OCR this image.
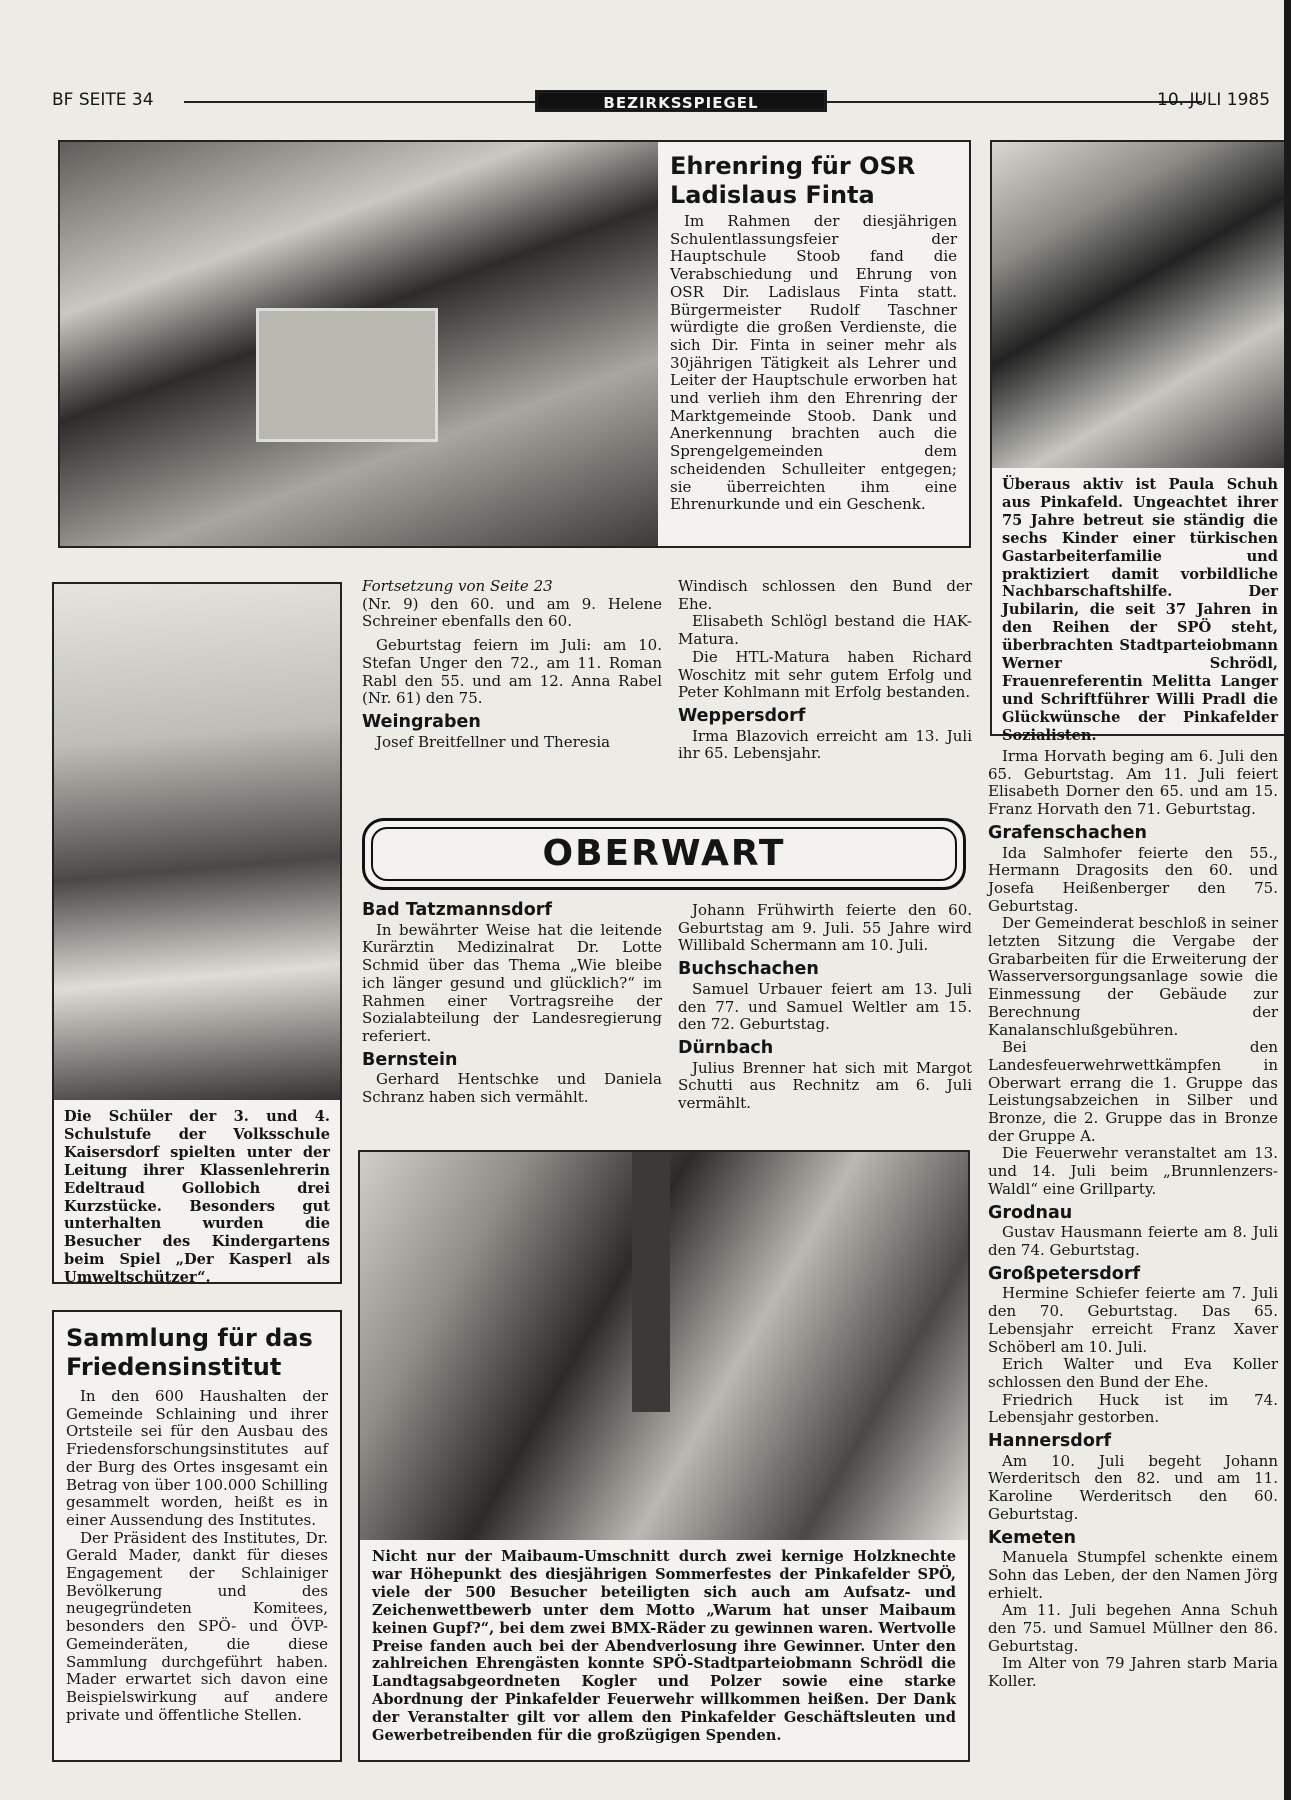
BF SEITE 34	BEZIRKSSPIEGEL	10. JULI 1985
Ehrenring für OSR Ladislaus Finta

Im Rahmen der diesjährigen Schulentlassungsfeier der Hauptschule Stoob fand die Verabschiedung und Ehrung von OSR Dir. Ladislaus Finta statt. Bürgermeister Rudolf Taschner würdigte die großen Verdienste, die sich Dir. Finta in seiner mehr als 30jährigen Tätigkeit als Lehrer und Leiter der Hauptschule erworben hat und verlieh ihm den Ehrenring der Marktgemeinde Stoob. Dank und Anerkennung brachten auch die Sprengelgemeinden dem scheidenden Schulleiter entgegen; sie überreichten ihm eine Ehrenurkunde und ein Geschenk.

Überaus aktiv ist Paula Schuh aus Pinkafeld. Ungeachtet ihrer 75 Jahre betreut sie ständig die sechs Kinder einer türkischen Gastarbeiterfamilie und praktiziert damit vorbildliche Nachbarschaftshilfe. Der Jubilarin, die seit 37 Jahren in den Reihen der SPÖ steht, überbrachten Stadtparteiobmann Werner Schrödl, Frauenreferentin Melitta Langer und Schriftführer Willi Pradl die Glückwünsche der Pinkafelder Sozialisten.
Die Schüler der 3. und 4. Schulstufe der Volksschule Kaisersdorf spielten unter der Leitung ihrer Klassenlehrerin Edeltraud Gollobich drei Kurzstücke. Besonders gut unterhalten wurden die Besucher des Kindergartens beim Spiel „Der Kasperl als Umweltschützer“.
Sammlung für das Friedensinstitut

In den 600 Haushalten der Gemeinde Schlaining und ihrer Ortsteile sei für den Ausbau des Friedensforschungsinstitutes auf der Burg des Ortes insgesamt ein Betrag von über 100.000 Schilling gesammelt worden, heißt es in einer Aussendung des Institutes.

Der Präsident des Institutes, Dr. Gerald Mader, dankt für dieses Engagement der Schlainiger Bevölkerung und des neugegründeten Komitees, besonders den SPÖ- und ÖVP-Gemeinderäten, die diese Sammlung durchgeführt haben. Mader erwartet sich davon eine Beispielswirkung auf andere private und öffentliche Stellen.

Fortsetzung von Seite 23

(Nr. 9) den 60. und am 9. Helene Schreiner ebenfalls den 60.

Geburtstag feiern im Juli: am 10. Stefan Unger den 72., am 11. Roman Rabl den 55. und am 12. Anna Rabel (Nr. 61) den 75.

Weingraben

Josef Breitfellner und Theresia

Windisch schlossen den Bund der Ehe.

Elisabeth Schlögl bestand die HAK-Matura.

Die HTL-Matura haben Richard Woschitz mit sehr gutem Erfolg und Peter Kohlmann mit Erfolg bestanden.

Weppersdorf

Irma Blazovich erreicht am 13. Juli ihr 65. Lebensjahr.

OBERWART
Bad Tatzmannsdorf

In bewährter Weise hat die leitende Kurärztin Medizinalrat Dr. Lotte Schmid über das Thema „Wie bleibe ich länger gesund und glücklich?“ im Rahmen einer Vortragsreihe der Sozialabteilung der Landesregierung referiert.

Bernstein

Gerhard Hentschke und Daniela Schranz haben sich vermählt.

Johann Frühwirth feierte den 60. Geburtstag am 9. Juli. 55 Jahre wird Willibald Schermann am 10. Juli.

Buchschachen

Samuel Urbauer feiert am 13. Juli den 77. und Samuel Weltler am 15. den 72. Geburtstag.

Dürnbach

Julius Brenner hat sich mit Margot Schutti aus Rechnitz am 6. Juli vermählt.

Nicht nur der Maibaum-Umschnitt durch zwei kernige Holzknechte war Höhepunkt des diesjährigen Sommerfestes der Pinkafelder SPÖ, viele der 500 Besucher beteiligten sich auch am Aufsatz- und Zeichenwettbewerb unter dem Motto „Warum hat unser Maibaum keinen Gupf?“, bei dem zwei BMX-Räder zu gewinnen waren. Wertvolle Preise fanden auch bei der Abendverlosung ihre Gewinner. Unter den zahlreichen Ehrengästen konnte SPÖ-Stadtparteiobmann Schrödl die Landtagsabgeordneten Kogler und Polzer sowie eine starke Abordnung der Pinkafelder Feuerwehr willkommen heißen. Der Dank der Veranstalter gilt vor allem den Pinkafelder Geschäftsleuten und Gewerbetreibenden für die großzügigen Spenden.

Irma Horvath beging am 6. Juli den 65. Geburtstag. Am 11. Juli feiert Elisabeth Dorner den 65. und am 15. Franz Horvath den 71. Geburtstag.

Grafenschachen

Ida Salmhofer feierte den 55., Hermann Dragosits den 60. und Josefa Heißenberger den 75. Geburtstag.

Der Gemeinderat beschloß in seiner letzten Sitzung die Vergabe der Grabarbeiten für die Erweiterung der Wasserversorgungsanlage sowie die Einmessung der Gebäude zur Berechnung der Kanalanschlußgebühren.

Bei den Landesfeuerwehrwettkämpfen in Oberwart errang die 1. Gruppe das Leistungsabzeichen in Silber und Bronze, die 2. Gruppe das in Bronze der Gruppe A.

Die Feuerwehr veranstaltet am 13. und 14. Juli beim „Brunnlenzers-Waldl“ eine Grillparty.

Grodnau

Gustav Hausmann feierte am 8. Juli den 74. Geburtstag.

Großpetersdorf

Hermine Schiefer feierte am 7. Juli den 70. Geburtstag. Das 65. Lebensjahr erreicht Franz Xaver Schöberl am 10. Juli.

Erich Walter und Eva Koller schlossen den Bund der Ehe.

Friedrich Huck ist im 74. Lebensjahr gestorben.

Hannersdorf

Am 10. Juli begeht Johann Werderitsch den 82. und am 11. Karoline Werderitsch den 60. Geburtstag.

Kemeten

Manuela Stumpfel schenkte einem Sohn das Leben, der den Namen Jörg erhielt.

Am 11. Juli begehen Anna Schuh den 75. und Samuel Müllner den 86. Geburtstag.

Im Alter von 79 Jahren starb Maria Koller.
